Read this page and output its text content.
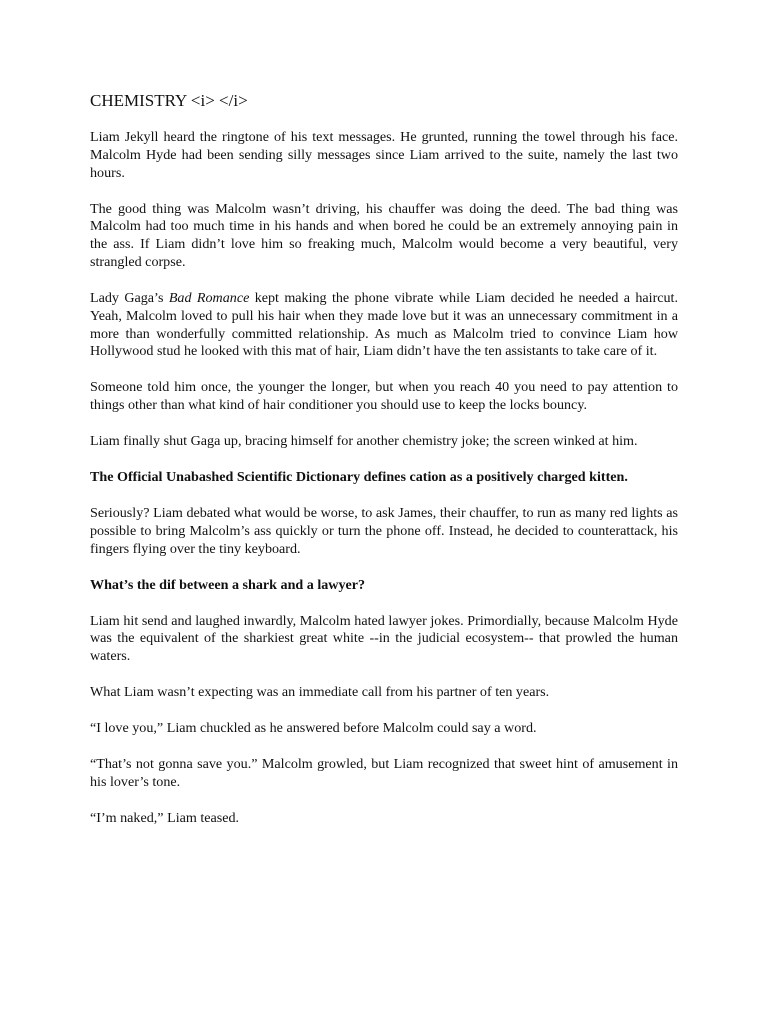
CHEMISTRY <i> </i>

Liam Jekyll heard the ringtone of his text messages. He grunted, running the towel through his face. Malcolm Hyde had been sending silly messages since Liam arrived to the suite, namely the last two hours.

The good thing was Malcolm wasn’t driving, his chauffer was doing the deed. The bad thing was Malcolm had too much time in his hands and when bored he could be an extremely annoying pain in the ass. If Liam didn’t love him so freaking much, Malcolm would become a very beautiful, very strangled corpse.

Lady Gaga’s Bad Romance kept making the phone vibrate while Liam decided he needed a haircut. Yeah, Malcolm loved to pull his hair when they made love but it was an unnecessary commitment in a more than wonderfully committed relationship. As much as Malcolm tried to convince Liam how Hollywood stud he looked with this mat of hair, Liam didn’t have the ten assistants to take care of it.

Someone told him once, the younger the longer, but when you reach 40 you need to pay attention to things other than what kind of hair conditioner you should use to keep the locks bouncy.

Liam finally shut Gaga up, bracing himself for another chemistry joke; the screen winked at him.

The Official Unabashed Scientific Dictionary defines cation as a positively charged kitten.

Seriously? Liam debated what would be worse, to ask James, their chauffer, to run as many red lights as possible to bring Malcolm’s ass quickly or turn the phone off. Instead, he decided to counterattack, his fingers flying over the tiny keyboard.

What’s the dif between a shark and a lawyer?

Liam hit send and laughed inwardly, Malcolm hated lawyer jokes. Primordially, because Malcolm Hyde was the equivalent of the sharkiest great white --in the judicial ecosystem-- that prowled the human waters.

What Liam wasn’t expecting was an immediate call from his partner of ten years.

“I love you,” Liam chuckled as he answered before Malcolm could say a word.

“That’s not gonna save you.” Malcolm growled, but Liam recognized that sweet hint of amusement in his lover’s tone.

“I’m naked,” Liam teased.
